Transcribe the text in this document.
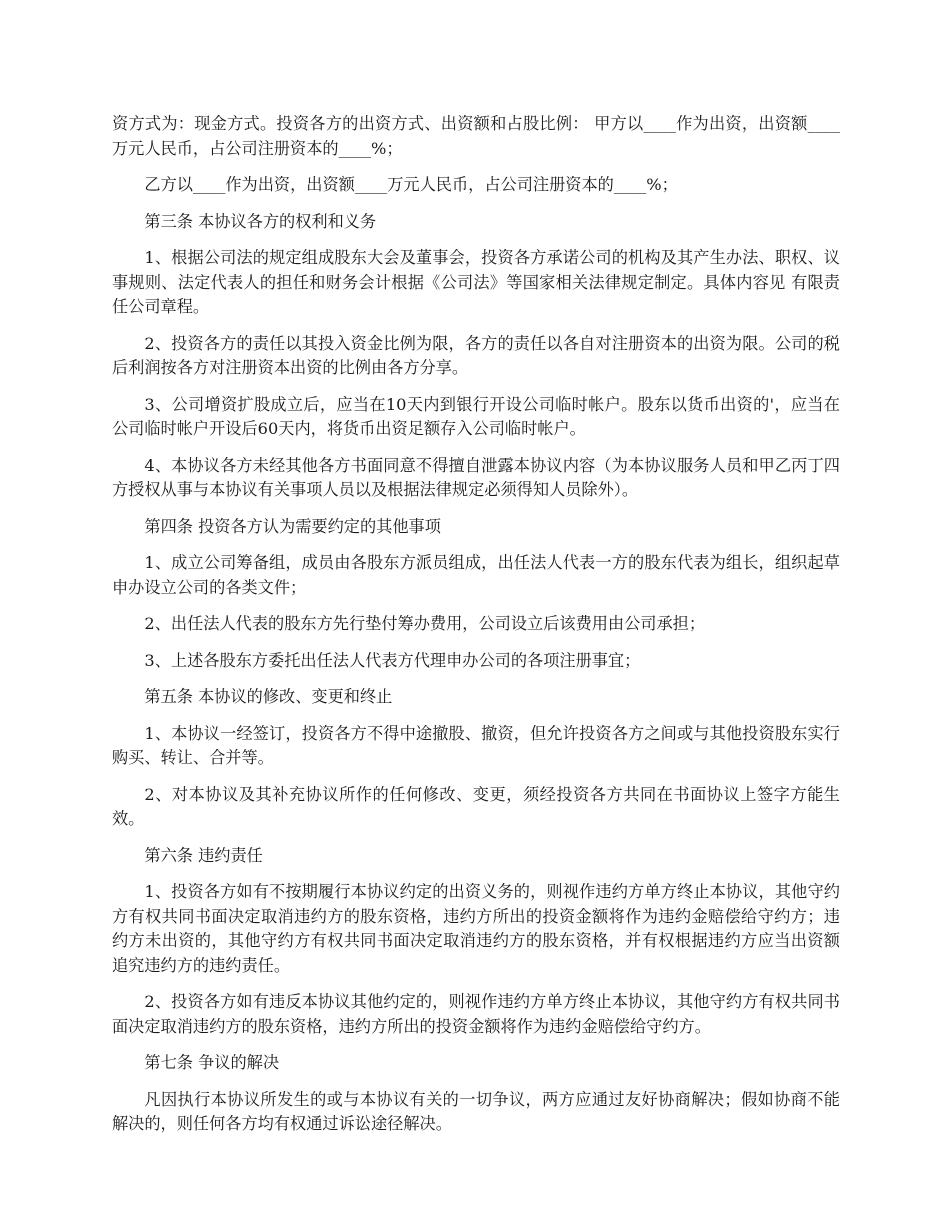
资方式为：现金方式。投资各方的出资方式、出资额和占股比例： 甲方以____作为出资，出资额____万元人民币，占公司注册资本的____%；

乙方以____作为出资，出资额____万元人民币，占公司注册资本的____%；

第三条 本协议各方的权利和义务

1、根据公司法的规定组成股东大会及董事会，投资各方承诺公司的机构及其产生办法、职权、议事规则、法定代表人的担任和财务会计根据《公司法》等国家相关法律规定制定。具体内容见 有限责任公司章程。

2、投资各方的责任以其投入资金比例为限，各方的责任以各自对注册资本的出资为限。公司的税后利润按各方对注册资本出资的比例由各方分享。

3、公司增资扩股成立后，应当在10天内到银行开设公司临时帐户。股东以货币出资的'，应当在公司临时帐户开设后60天内，将货币出资足额存入公司临时帐户。

4、本协议各方未经其他各方书面同意不得擅自泄露本协议内容（为本协议服务人员和甲乙丙丁四方授权从事与本协议有关事项人员以及根据法律规定必须得知人员除外）。

第四条 投资各方认为需要约定的其他事项

1、成立公司筹备组，成员由各股东方派员组成，出任法人代表一方的股东代表为组长，组织起草申办设立公司的各类文件；

2、出任法人代表的股东方先行垫付筹办费用，公司设立后该费用由公司承担；

3、上述各股东方委托出任法人代表方代理申办公司的各项注册事宜；

第五条 本协议的修改、变更和终止

1、本协议一经签订，投资各方不得中途撤股、撤资，但允许投资各方之间或与其他投资股东实行购买、转让、合并等。

2、对本协议及其补充协议所作的任何修改、变更，须经投资各方共同在书面协议上签字方能生效。

第六条 违约责任

1、投资各方如有不按期履行本协议约定的出资义务的，则视作违约方单方终止本协议，其他守约方有权共同书面决定取消违约方的股东资格，违约方所出的投资金额将作为违约金赔偿给守约方；违约方未出资的，其他守约方有权共同书面决定取消违约方的股东资格，并有权根据违约方应当出资额追究违约方的违约责任。

2、投资各方如有违反本协议其他约定的，则视作违约方单方终止本协议，其他守约方有权共同书面决定取消违约方的股东资格，违约方所出的投资金额将作为违约金赔偿给守约方。

第七条 争议的解决

凡因执行本协议所发生的或与本协议有关的一切争议，两方应通过友好协商解决；假如协商不能解决的，则任何各方均有权通过诉讼途径解决。
